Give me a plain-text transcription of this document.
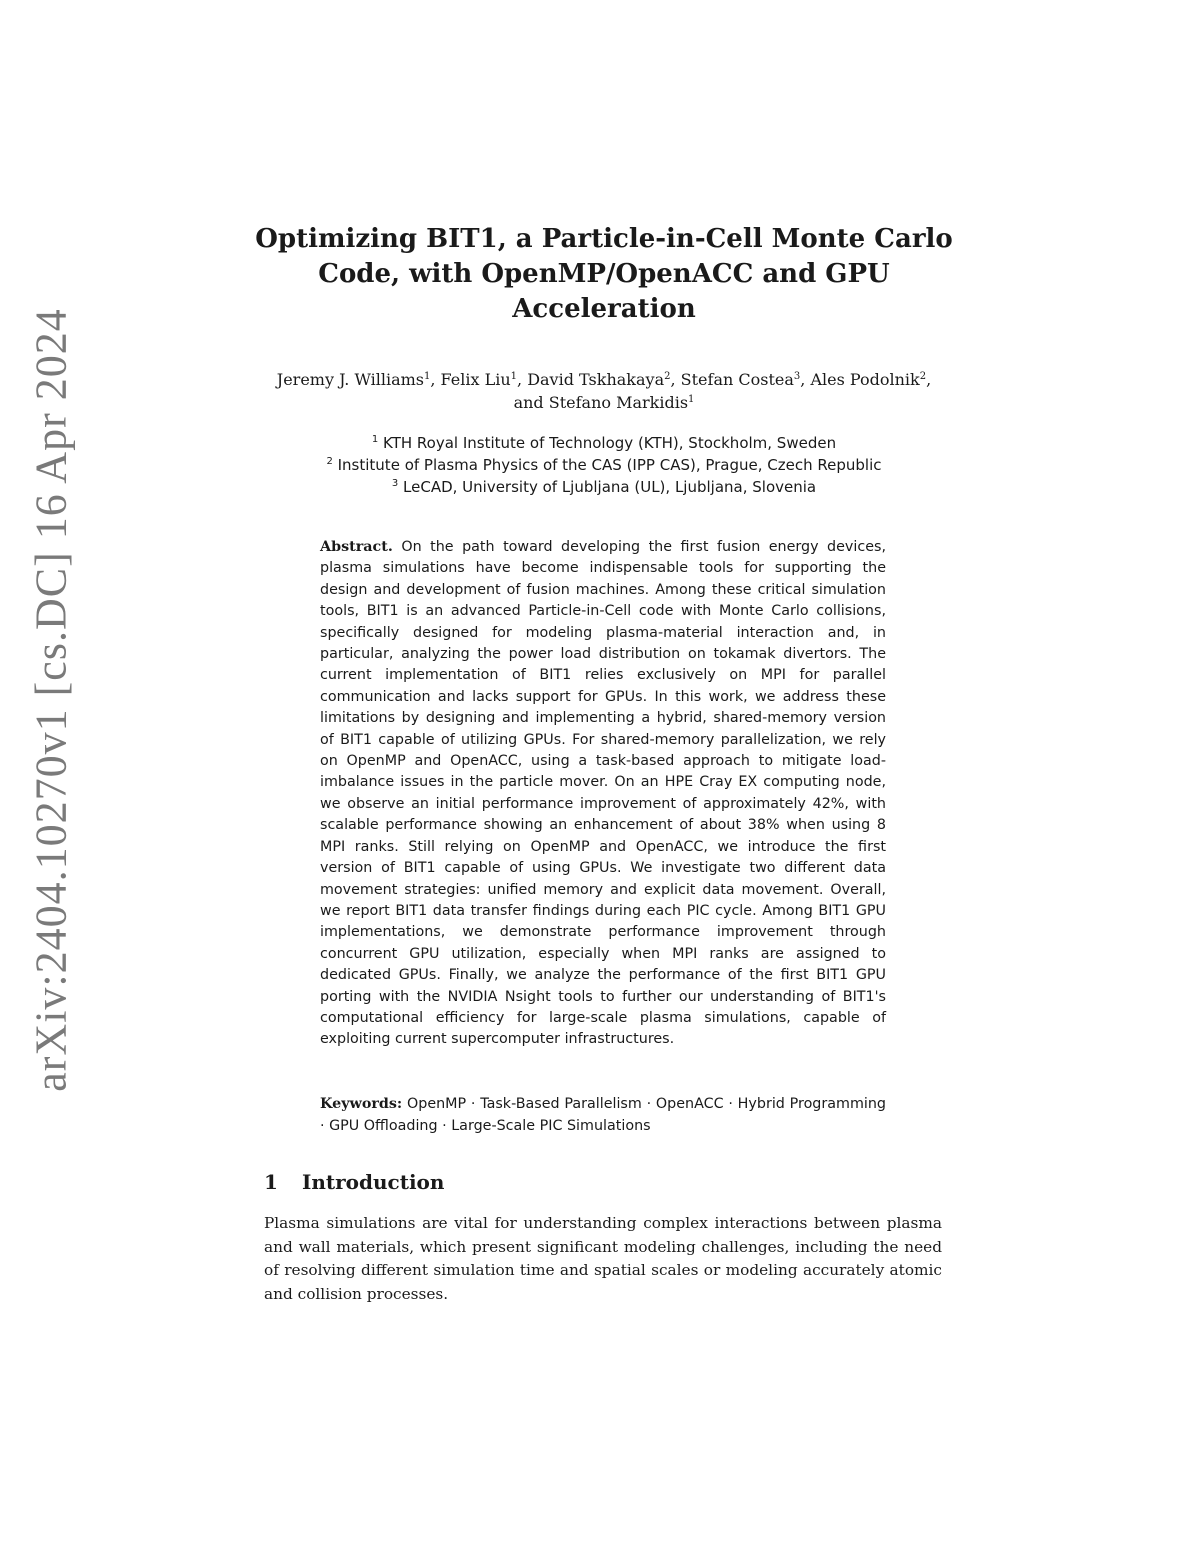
arXiv:2404.10270v1 [cs.DC] 16 Apr 2024
Optimizing BIT1, a Particle-in-Cell Monte Carlo Code, with OpenMP/OpenACC and GPU Acceleration

Jeremy J. Williams$^1$, Felix Liu$^1$, David Tskhakaya$^2$, Stefan Costea$^3$, Ales Podolnik$^2$, and Stefano Markidis$^1$

$^1$ KTH Royal Institute of Technology (KTH), Stockholm, Sweden
$^2$ Institute of Plasma Physics of the CAS (IPP CAS), Prague, Czech Republic
$^3$ LeCAD, University of Ljubljana (UL), Ljubljana, Slovenia

Abstract. On the path toward developing the first fusion energy devices, plasma simulations have become indispensable tools for supporting the design and development of fusion machines. Among these critical simulation tools, BIT1 is an advanced Particle-in-Cell code with Monte Carlo collisions, specifically designed for modeling plasma-material interaction and, in particular, analyzing the power load distribution on tokamak divertors. The current implementation of BIT1 relies exclusively on MPI for parallel communication and lacks support for GPUs. In this work, we address these limitations by designing and implementing a hybrid, shared-memory version of BIT1 capable of utilizing GPUs. For shared-memory parallelization, we rely on OpenMP and OpenACC, using a task-based approach to mitigate load-imbalance issues in the particle mover. On an HPE Cray EX computing node, we observe an initial performance improvement of approximately 42%, with scalable performance showing an enhancement of about 38% when using 8 MPI ranks. Still relying on OpenMP and OpenACC, we introduce the first version of BIT1 capable of using GPUs. We investigate two different data movement strategies: unified memory and explicit data movement. Overall, we report BIT1 data transfer findings during each PIC cycle. Among BIT1 GPU implementations, we demonstrate performance improvement through concurrent GPU utilization, especially when MPI ranks are assigned to dedicated GPUs. Finally, we analyze the performance of the first BIT1 GPU porting with the NVIDIA Nsight tools to further our understanding of BIT1's computational efficiency for large-scale plasma simulations, capable of exploiting current supercomputer infrastructures.

Keywords: OpenMP · Task-Based Parallelism · OpenACC · Hybrid Programming · GPU Offloading · Large-Scale PIC Simulations

1 Introduction

Plasma simulations are vital for understanding complex interactions between plasma and wall materials, which present significant modeling challenges, including the need of resolving different simulation time and spatial scales or modeling accurately atomic and collision processes.
